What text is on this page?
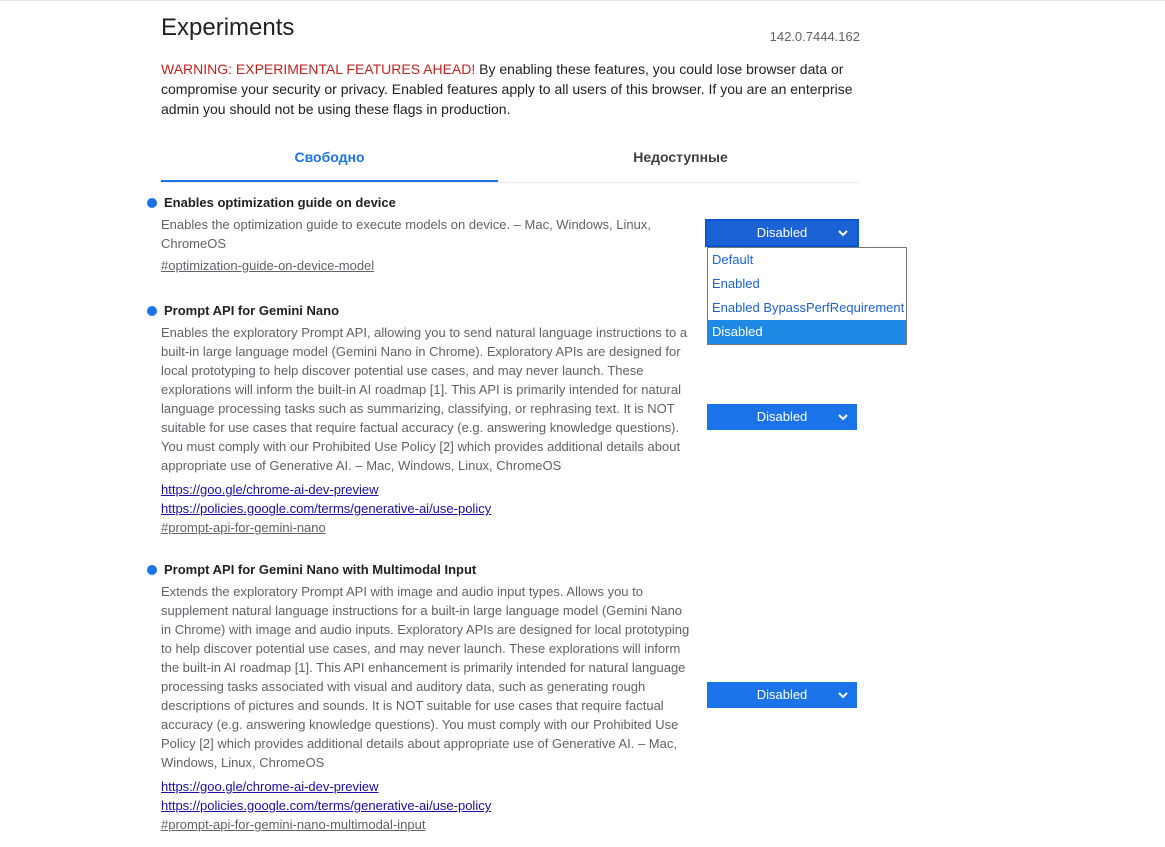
Experiments	142.0.7444.162
WARNING: EXPERIMENTAL FEATURES AHEAD! By enabling these features, you could lose browser data or compromise your security or privacy. Enabled features apply to all users of this browser. If you are an enterprise admin you should not be using these flags in production.
Свободно	Недоступные
Enables optimization guide on device
Enables the optimization guide to execute models on device. – Mac, Windows, Linux, ChromeOS
#optimization-guide-on-device-model
Disabled
Prompt API for Gemini Nano
Enables the exploratory Prompt API, allowing you to send natural language instructions to a built-in large language model (Gemini Nano in Chrome). Exploratory APIs are designed for local prototyping to help discover potential use cases, and may never launch. These explorations will inform the built-in AI roadmap [1]. This API is primarily intended for natural language processing tasks such as summarizing, classifying, or rephrasing text. It is NOT suitable for use cases that require factual accuracy (e.g. answering knowledge questions). You must comply with our Prohibited Use Policy [2] which provides additional details about appropriate use of Generative AI. – Mac, Windows, Linux, ChromeOS
https://goo.gle/chrome-ai-dev-preview
https://policies.google.com/terms/generative-ai/use-policy
#prompt-api-for-gemini-nano
Disabled
Prompt API for Gemini Nano with Multimodal Input
Extends the exploratory Prompt API with image and audio input types. Allows you to supplement natural language instructions for a built-in large language model (Gemini Nano in Chrome) with image and audio inputs. Exploratory APIs are designed for local prototyping to help discover potential use cases, and may never launch. These explorations will inform the built-in AI roadmap [1]. This API enhancement is primarily intended for natural language processing tasks associated with visual and auditory data, such as generating rough descriptions of pictures and sounds. It is NOT suitable for use cases that require factual accuracy (e.g. answering knowledge questions). You must comply with our Prohibited Use Policy [2] which provides additional details about appropriate use of Generative AI. – Mac, Windows, Linux, ChromeOS
https://goo.gle/chrome-ai-dev-preview
https://policies.google.com/terms/generative-ai/use-policy
#prompt-api-for-gemini-nano-multimodal-input
Disabled
Default
Enabled
Enabled BypassPerfRequirement
Disabled
